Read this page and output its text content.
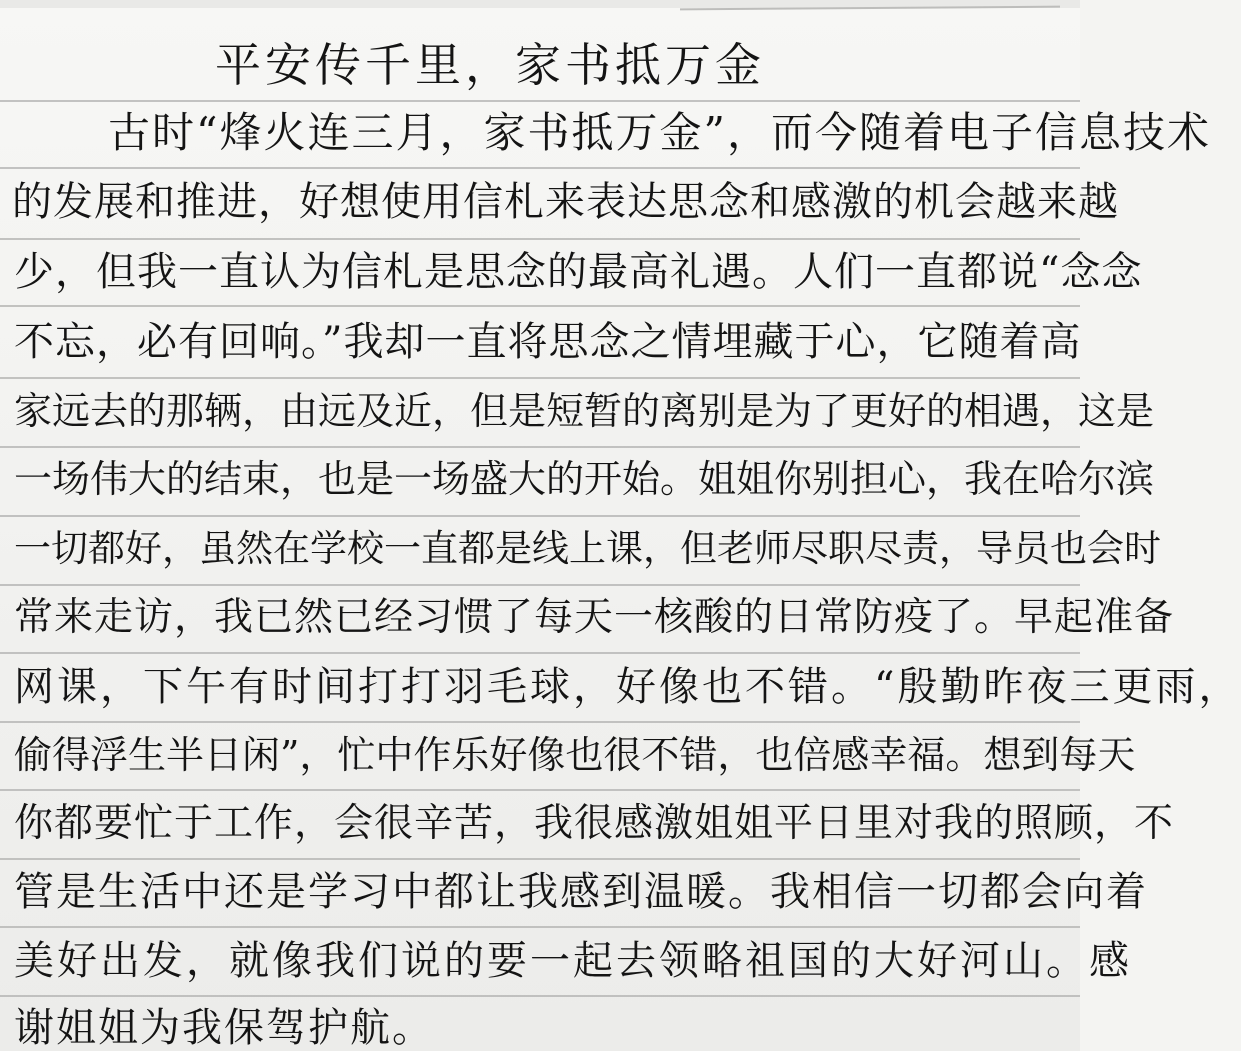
平安传千里，家书抵万金
古时“烽火连三月，家书抵万金”，而今随着电子信息技术
的发展和推进，好想使用信札来表达思念和感激的机会越来越
少，但我一直认为信札是思念的最高礼遇。人们一直都说“念念
不忘，必有回响。”我却一直将思念之情埋藏于心，它随着高
家远去的那辆，由远及近，但是短暂的离别是为了更好的相遇，这是
一场伟大的结束，也是一场盛大的开始。姐姐你别担心，我在哈尔滨
一切都好，虽然在学校一直都是线上课，但老师尽职尽责，导员也会时
常来走访，我已然已经习惯了每天一核酸的日常防疫了。早起准备
网课，下午有时间打打羽毛球，好像也不错。“殷勤昨夜三更雨，
偷得浮生半日闲”，忙中作乐好像也很不错，也倍感幸福。想到每天
你都要忙于工作，会很辛苦，我很感激姐姐平日里对我的照顾，不
管是生活中还是学习中都让我感到温暖。我相信一切都会向着
美好出发，就像我们说的要一起去领略祖国的大好河山。感
谢姐姐为我保驾护航。
